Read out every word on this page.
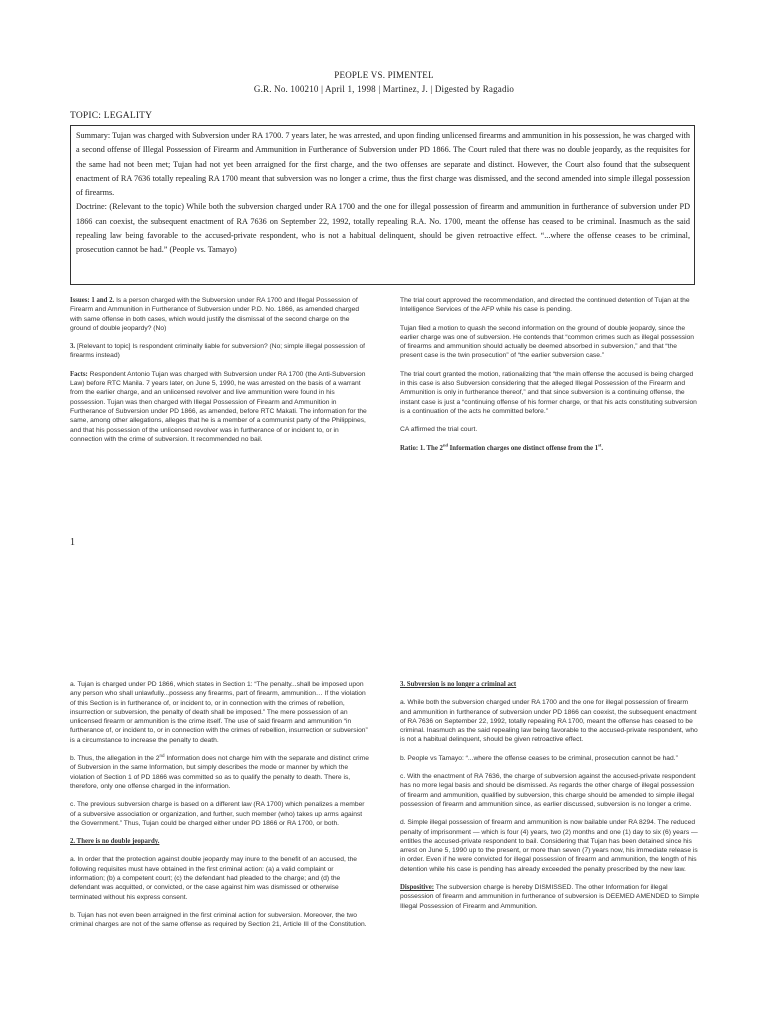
PEOPLE VS. PIMENTEL
G.R. No. 100210 | April 1, 1998 | Martinez, J. | Digested by Ragadio
TOPIC: LEGALITY

Summary: Tujan was charged with Subversion under RA 1700. 7 years later, he was arrested, and upon finding unlicensed firearms and ammunition in his possession, he was charged with a second offense of Illegal Possession of Firearm and Ammunition in Furtherance of Subversion under PD 1866. The Court ruled that there was no double jeopardy, as the requisites for the same had not been met; Tujan had not yet been arraigned for the first charge, and the two offenses are separate and distinct. However, the Court also found that the subsequent enactment of RA 7636 totally repealing RA 1700 meant that subversion was no longer a crime, thus the first charge was dismissed, and the second amended into simple illegal possession of firearms.

Doctrine: (Relevant to the topic) While both the subversion charged under RA 1700 and the one for illegal possession of firearm and ammunition in furtherance of subversion under PD 1866 can coexist, the subsequent enactment of RA 7636 on September 22, 1992, totally repealing R.A. No. 1700, meant the offense has ceased to be criminal. Inasmuch as the said repealing law being favorable to the accused-private respondent, who is not a habitual delinquent, should be given retroactive effect. “...where the offense ceases to be criminal, prosecution cannot be had.” (People vs. Tamayo)

Issues: 1 and 2. Is a person charged with the Subversion under RA 1700 and Illegal Possession of Firearm and Ammunition in Furtherance of Subversion under P.D. No. 1866, as amended charged with same offense in both cases, which would justify the dismissal of the second charge on the ground of double jeopardy? (No)

3. [Relevant to topic] Is respondent criminally liable for subversion? (No; simple illegal possession of firearms instead)

Facts: Respondent Antonio Tujan was charged with Subversion under RA 1700 (the Anti-Subversion Law) before RTC Manila. 7 years later, on June 5, 1990, he was arrested on the basis of a warrant from the earlier charge, and an unlicensed revolver and live ammunition were found in his possession. Tujan was then charged with Illegal Possession of Firearm and Ammunition in Furtherance of Subversion under PD 1866, as amended, before RTC Makati. The information for the same, among other allegations, alleges that he is a member of a communist party of the Philippines, and that his possession of the unlicensed revolver was in furtherance of or incident to, or in connection with the crime of subversion. It recommended no bail.

The trial court approved the recommendation, and directed the continued detention of Tujan at the Intelligence Services of the AFP while his case is pending.

Tujan filed a motion to quash the second information on the ground of double jeopardy, since the earlier charge was one of subversion. He contends that “common crimes such as illegal possession of firearms and ammunition should actually be deemed absorbed in subversion,” and that “the present case is the twin prosecution” of “the earlier subversion case.”

The trial court granted the motion, rationalizing that “the main offense the accused is being charged in this case is also Subversion considering that the alleged Illegal Possession of the Firearm and Ammunition is only in furtherance thereof,” and that since subversion is a continuing offense, the instant case is just a “continuing offense of his former charge, or that his acts constituting subversion is a continuation of the acts he committed before.”

CA affirmed the trial court.

Ratio: 1. The 2nd Information charges one distinct offense from the 1st.

1

a. Tujan is charged under PD 1866, which states in Section 1: “The penalty...shall be imposed upon any person who shall unlawfully...possess any firearms, part of firearm, ammunition… If the violation of this Section is in furtherance of, or incident to, or in connection with the crimes of rebellion, insurrection or subversion, the penalty of death shall be imposed.” The mere possession of an unlicensed firearm or ammunition is the crime itself. The use of said firearm and ammunition “in furtherance of, or incident to, or in connection with the crimes of rebellion, insurrection or subversion” is a circumstance to increase the penalty to death.

b. Thus, the allegation in the 2nd Information does not charge him with the separate and distinct crime of Subversion in the same Information, but simply describes the mode or manner by which the violation of Section 1 of PD 1866 was committed so as to qualify the penalty to death. There is, therefore, only one offense charged in the information.

c. The previous subversion charge is based on a different law (RA 1700) which penalizes a member of a subversive association or organization, and further, such member (who) takes up arms against the Government.” Thus, Tujan could be charged either under PD 1866 or RA 1700, or both.

2. There is no double jeopardy.

a. In order that the protection against double jeopardy may inure to the benefit of an accused, the following requisites must have obtained in the first criminal action: (a) a valid complaint or information; (b) a competent court; (c) the defendant had pleaded to the charge; and (d) the defendant was acquitted, or convicted, or the case against him was dismissed or otherwise terminated without his express consent.

b. Tujan has not even been arraigned in the first criminal action for subversion. Moreover, the two criminal charges are not of the same offense as required by Section 21, Article III of the Constitution.

3. Subversion is no longer a criminal act

a. While both the subversion charged under RA 1700 and the one for illegal possession of firearm and ammunition in furtherance of subversion under PD 1866 can coexist, the subsequent enactment of RA 7636 on September 22, 1992, totally repealing RA 1700, meant the offense has ceased to be criminal. Inasmuch as the said repealing law being favorable to the accused-private respondent, who is not a habitual delinquent, should be given retroactive effect.

b. People vs Tamayo: “...where the offense ceases to be criminal, prosecution cannot be had.”

c. With the enactment of RA 7636, the charge of subversion against the accused-private respondent has no more legal basis and should be dismissed. As regards the other charge of illegal possession of firearm and ammunition, qualified by subversion, this charge should be amended to simple illegal possession of firearm and ammunition since, as earlier discussed, subversion is no longer a crime.

d. Simple illegal possession of firearm and ammunition is now bailable under RA 8294. The reduced penalty of imprisonment — which is four (4) years, two (2) months and one (1) day to six (6) years — entitles the accused-private respondent to bail. Considering that Tujan has been detained since his arrest on June 5, 1990 up to the present, or more than seven (7) years now, his immediate release is in order. Even if he were convicted for illegal possession of firearm and ammunition, the length of his detention while his case is pending has already exceeded the penalty prescribed by the new law.

Dispositive: The subversion charge is hereby DISMISSED. The other Information for illegal possession of firearm and ammunition in furtherance of subversion is DEEMED AMENDED to Simple Illegal Possession of Firearm and Ammunition.
